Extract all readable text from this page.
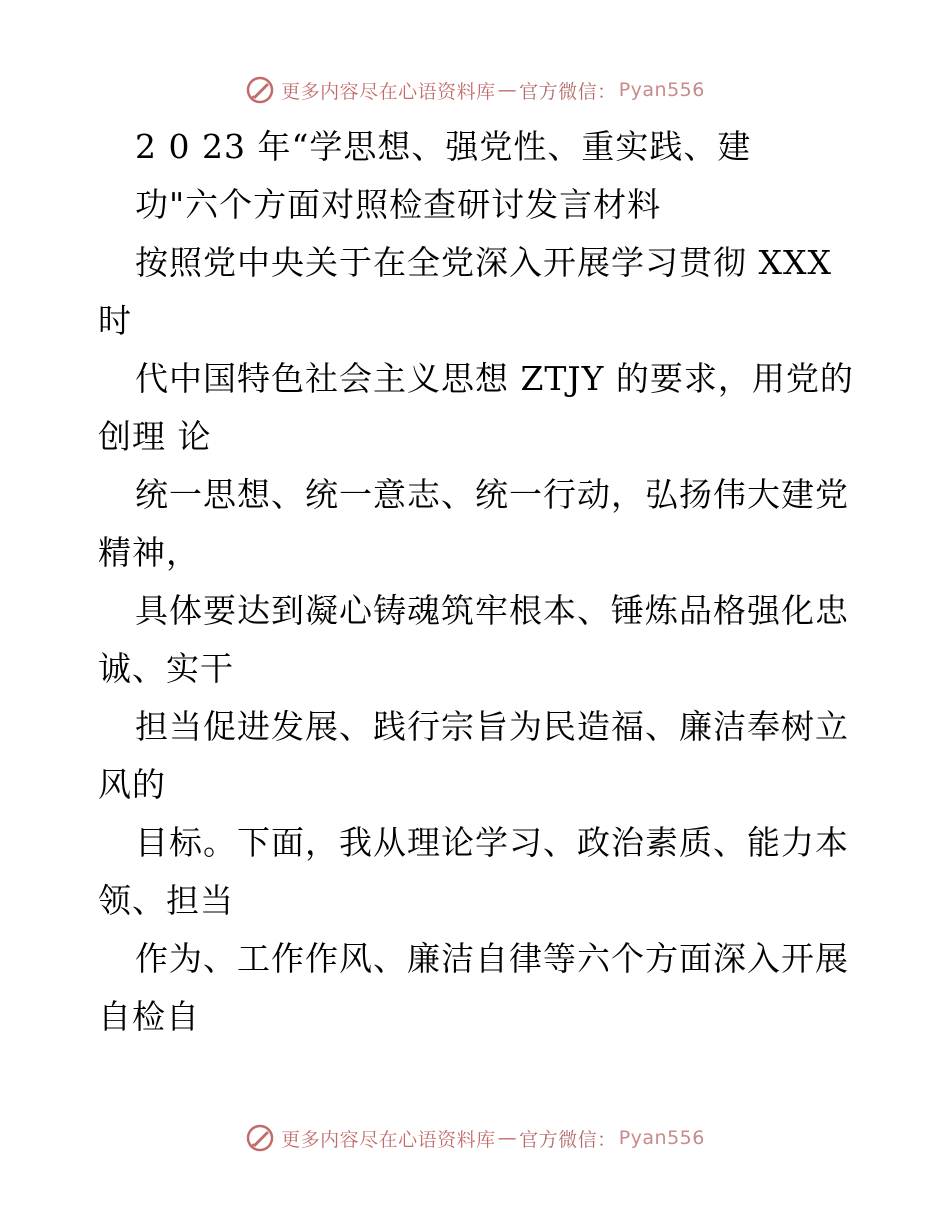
更多内容尽在心语资料库 — 官方微信： Pyan556
2 0 23 年“学思想、强党性、重实践、建
功"六个方面对照检查研讨发言材料
按照党中央关于在全党深入开展学习贯彻 XXX
时
代中国特色社会主义思想 ZTJY 的要求，用党的
创理 论
统一思想、统一意志、统一行动，弘扬伟大建党
精神，
具体要达到凝心铸魂筑牢根本、锤炼品格强化忠
诚、实干
担当促进发展、践行宗旨为民造福、廉洁奉树立
风的
目标。下面，我从理论学习、政治素质、能力本
领、担当
作为、工作作风、廉洁自律等六个方面深入开展
自检自
更多内容尽在心语资料库 — 官方微信： Pyan556
